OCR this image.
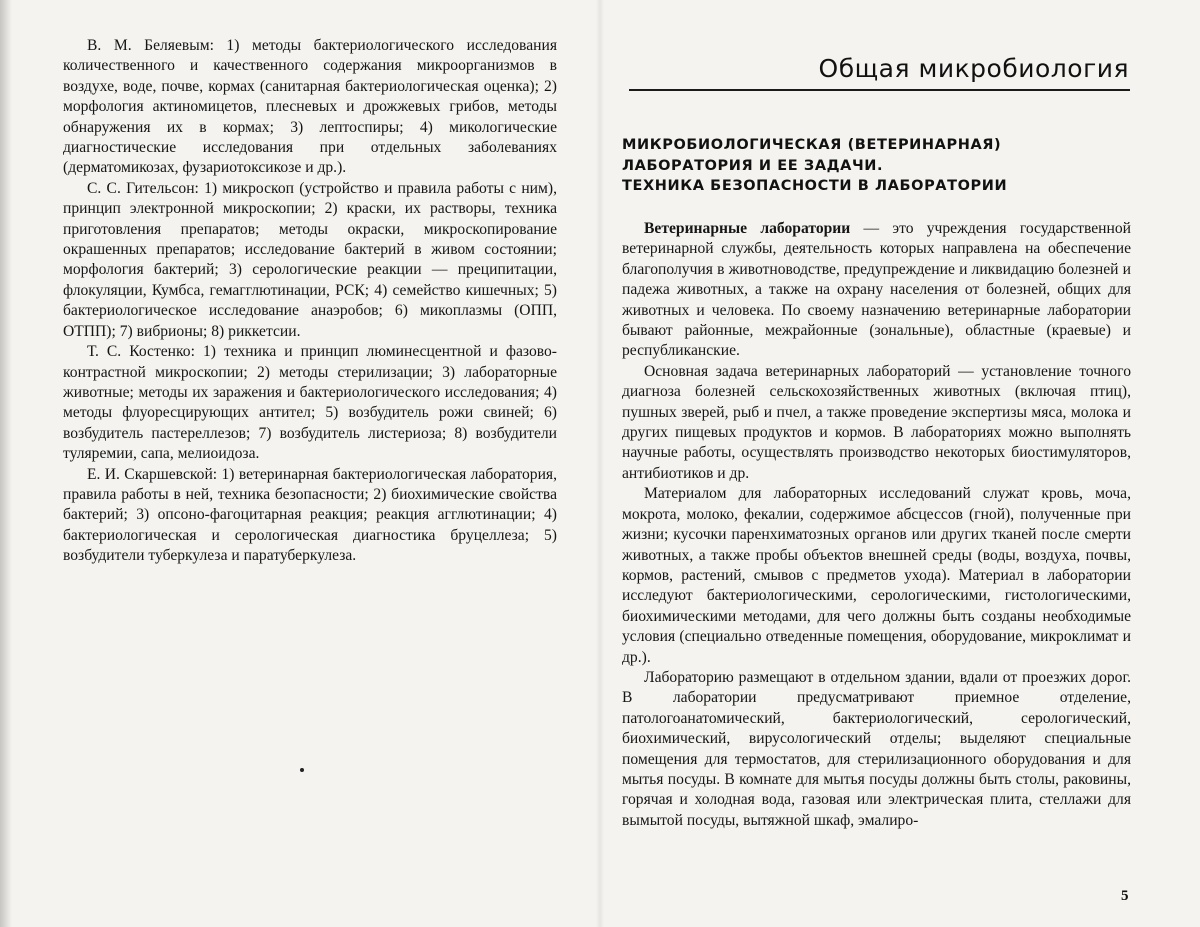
В. М. Беляевым: 1) методы бактериологического исследования количественного и качественного содержания микроорганизмов в воздухе, воде, почве, кормах (санитарная бактериологическая оценка); 2) морфология актиномицетов, плесневых и дрожжевых грибов, методы обнаружения их в кормах; 3) лептоспиры; 4) микологические диагностические исследования при отдельных заболеваниях (дерматомикозах, фузариотоксикозе и др.).

С. С. Гительсон: 1) микроскоп (устройство и правила работы с ним), принцип электронной микроскопии; 2) краски, их растворы, техника приготовления препаратов; методы окраски, микроскопирование окрашенных препаратов; исследование бактерий в живом состоянии; морфология бактерий; 3) серологические реакции — преципитации, флокуляции, Кумбса, гемагглютинации, РСК; 4) семейство кишечных; 5) бактериологическое исследование анаэробов; 6) микоплазмы (ОПП, ОТПП); 7) вибрионы; 8) риккетсии.

Т. С. Костенко: 1) техника и принцип люминесцентной и фазово-контрастной микроскопии; 2) методы стерилизации; 3) лабораторные животные; методы их заражения и бактериологического исследования; 4) методы флуоресцирующих антител; 5) возбудитель рожи свиней; 6) возбудитель пастереллезов; 7) возбудитель листериоза; 8) возбудители туляремии, сапа, мелиоидоза.

Е. И. Скаршевской: 1) ветеринарная бактериологическая лаборатория, правила работы в ней, техника безопасности; 2) биохимические свойства бактерий; 3) опсоно-фагоцитарная реакция; реакция агглютинации; 4) бактериологическая и серологическая диагностика бруцеллеза; 5) возбудители туберкулеза и паратуберкулеза.

Общая микробиология
МИКРОБИОЛОГИЧЕСКАЯ (ВЕТЕРИНАРНАЯ)
ЛАБОРАТОРИЯ И ЕЕ ЗАДАЧИ.
ТЕХНИКА БЕЗОПАСНОСТИ В ЛАБОРАТОРИИ

Ветеринарные лаборатории — это учреждения государственной ветеринарной службы, деятельность которых направлена на обеспечение благополучия в животноводстве, предупреждение и ликвидацию болезней и падежа животных, а также на охрану населения от болезней, общих для животных и человека. По своему назначению ветеринарные лаборатории бывают районные, межрайонные (зональные), областные (краевые) и республиканские.

Основная задача ветеринарных лабораторий — установление точного диагноза болезней сельскохозяйственных животных (включая птиц), пушных зверей, рыб и пчел, а также проведение экспертизы мяса, молока и других пищевых продуктов и кормов. В лабораториях можно выполнять научные работы, осуществлять производство некоторых биостимуляторов, антибиотиков и др.

Материалом для лабораторных исследований служат кровь, моча, мокрота, молоко, фекалии, содержимое абсцессов (гной), полученные при жизни; кусочки паренхиматозных органов или других тканей после смерти животных, а также пробы объектов внешней среды (воды, воздуха, почвы, кормов, растений, смывов с предметов ухода). Материал в лаборатории исследуют бактериологическими, серологическими, гистологическими, биохимическими методами, для чего должны быть созданы необходимые условия (специально отведенные помещения, оборудование, микроклимат и др.).

Лабораторию размещают в отдельном здании, вдали от проезжих дорог. В лаборатории предусматривают приемное отделение, патологоанатомический, бактериологический, серологический, биохимический, вирусологический отделы; выделяют специальные помещения для термостатов, для стерилизационного оборудования и для мытья посуды. В комнате для мытья посуды должны быть столы, раковины, горячая и холодная вода, газовая или электрическая плита, стеллажи для вымытой посуды, вытяжной шкаф, эмалиро-

5
